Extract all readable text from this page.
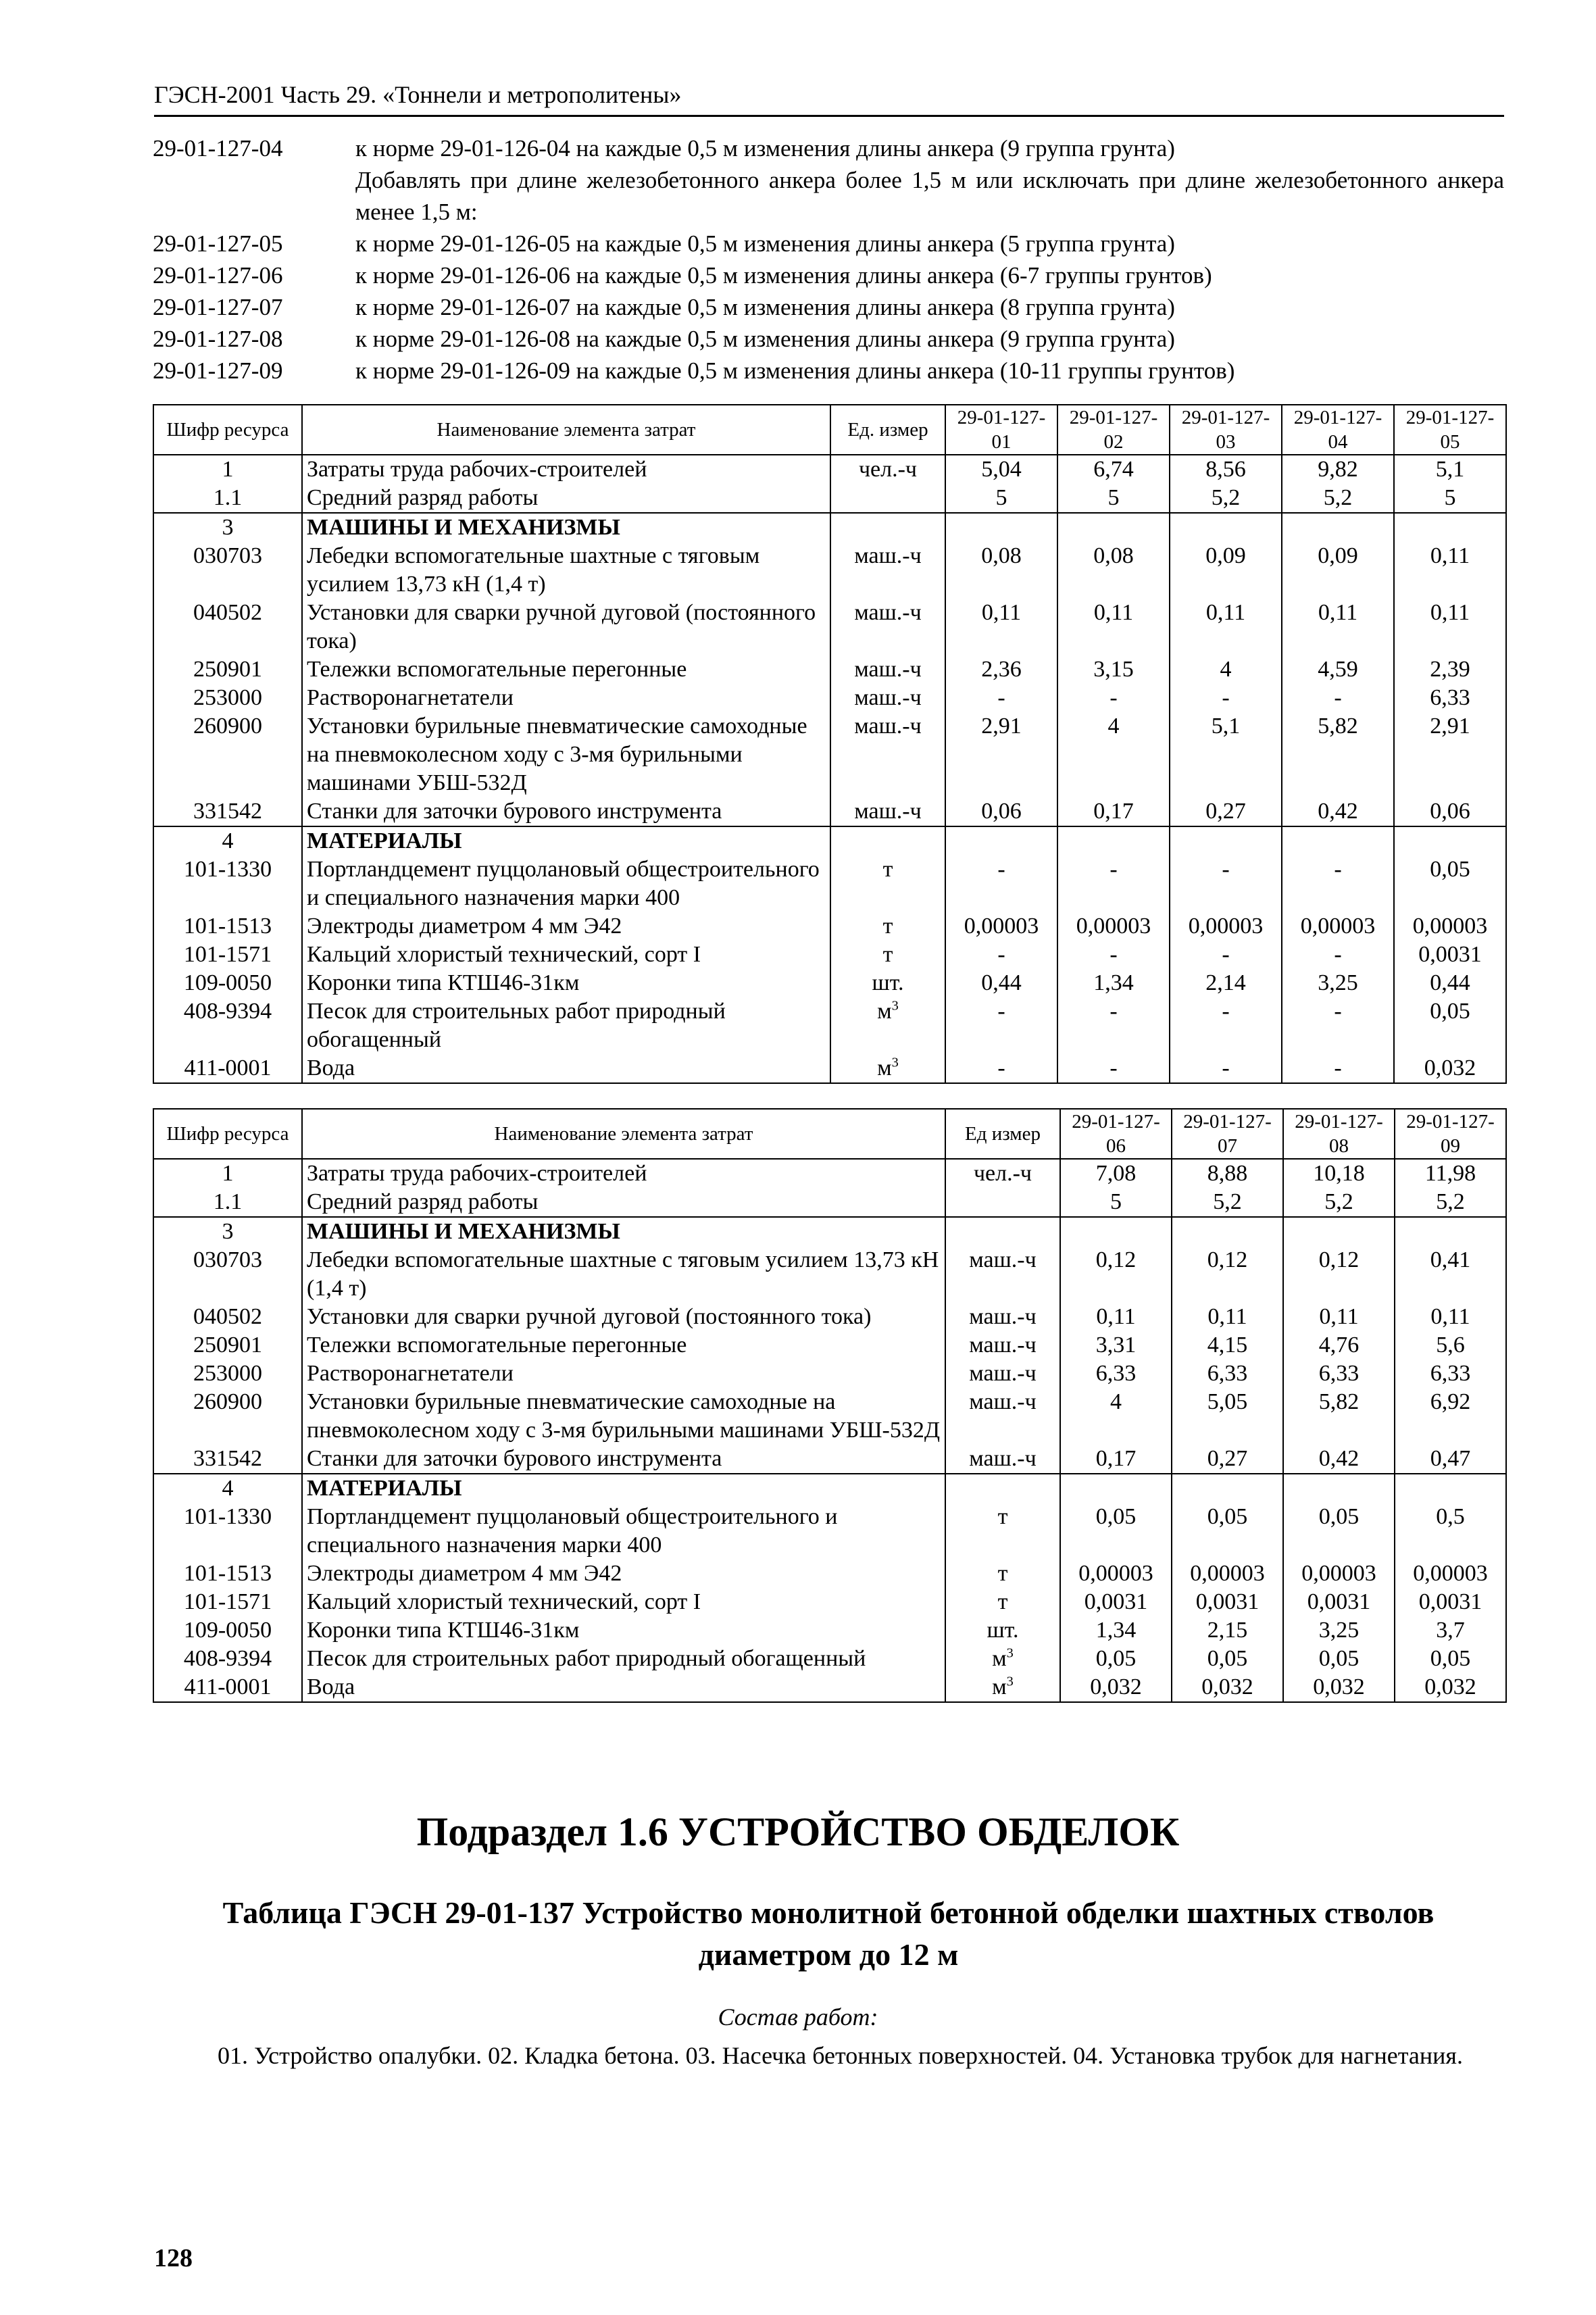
ГЭСН-2001 Часть 29. «Тоннели и метрополитены»
29-01-127-04	к норме 29-01-126-04 на каждые 0,5 м изменения длины анкера (9 группа грунта)
Добавлять при длине железобетонного анкера более 1,5 м или исключать при длине железобетонного анкера менее 1,5 м:
29-01-127-05	к норме 29-01-126-05 на каждые 0,5 м изменения длины анкера (5 группа грунта)
29-01-127-06	к норме 29-01-126-06 на каждые 0,5 м изменения длины анкера (6-7 группы грунтов)
29-01-127-07	к норме 29-01-126-07 на каждые 0,5 м изменения длины анкера (8 группа грунта)
29-01-127-08	к норме 29-01-126-08 на каждые 0,5 м изменения длины анкера (9 группа грунта)
29-01-127-09	к норме 29-01-126-09 на каждые 0,5 м изменения длины анкера (10-11 группы грунтов)
Шифр ресурса	Наименование элемента затрат	Ед. измер	29-01-127-01	29-01-127-02	29-01-127-03	29-01-127-04	29-01-127-05
1	Затраты труда рабочих-строителей	чел.-ч	5,04	6,74	8,56	9,82	5,1
1.1	Средний разряд работы		5	5	5,2	5,2	5
3	МАШИНЫ И МЕХАНИЗМЫ						
030703	Лебедки вспомогательные шахтные с тяговым усилием 13,73 кН (1,4 т)	маш.-ч	0,08	0,08	0,09	0,09	0,11
040502	Установки для сварки ручной дуговой (постоянного тока)	маш.-ч	0,11	0,11	0,11	0,11	0,11
250901	Тележки вспомогательные перегонные	маш.-ч	2,36	3,15	4	4,59	2,39
253000	Растворонагнетатели	маш.-ч	-	-	-	-	6,33
260900	Установки бурильные пневматические самоходные на пневмоколесном ходу с 3-мя бурильными машинами УБШ-532Д	маш.-ч	2,91	4	5,1	5,82	2,91
331542	Станки для заточки бурового инструмента	маш.-ч	0,06	0,17	0,27	0,42	0,06
4	МАТЕРИАЛЫ						
101-1330	Портландцемент пуццолановый общестроительного и специального назначения марки 400	т	-	-	-	-	0,05
101-1513	Электроды диаметром 4 мм Э42	т	0,00003	0,00003	0,00003	0,00003	0,00003
101-1571	Кальций хлористый технический, сорт I	т	-	-	-	-	0,0031
109-0050	Коронки типа КТШ46-31км	шт.	0,44	1,34	2,14	3,25	0,44
408-9394	Песок для строительных работ природный обогащенный	$м^3$	-	-	-	-	0,05
411-0001	Вода	$м^3$	-	-	-	-	0,032
Шифр ресурса	Наименование элемента затрат	Ед измер	29-01-127-06	29-01-127-07	29-01-127-08	29-01-127-09
1	Затраты труда рабочих-строителей	чел.-ч	7,08	8,88	10,18	11,98
1.1	Средний разряд работы		5	5,2	5,2	5,2
3	МАШИНЫ И МЕХАНИЗМЫ					
030703	Лебедки вспомогательные шахтные с тяговым усилием 13,73 кН (1,4 т)	маш.-ч	0,12	0,12	0,12	0,41
040502	Установки для сварки ручной дуговой (постоянного тока)	маш.-ч	0,11	0,11	0,11	0,11
250901	Тележки вспомогательные перегонные	маш.-ч	3,31	4,15	4,76	5,6
253000	Растворонагнетатели	маш.-ч	6,33	6,33	6,33	6,33
260900	Установки бурильные пневматические самоходные на пневмоколесном ходу с 3-мя бурильными машинами УБШ-532Д	маш.-ч	4	5,05	5,82	6,92
331542	Станки для заточки бурового инструмента	маш.-ч	0,17	0,27	0,42	0,47
4	МАТЕРИАЛЫ					
101-1330	Портландцемент пуццолановый общестроительного и специального назначения марки 400	т	0,05	0,05	0,05	0,5
101-1513	Электроды диаметром 4 мм Э42	т	0,00003	0,00003	0,00003	0,00003
101-1571	Кальций хлористый технический, сорт I	т	0,0031	0,0031	0,0031	0,0031
109-0050	Коронки типа КТШ46-31км	шт.	1,34	2,15	3,25	3,7
408-9394	Песок для строительных работ природный обогащенный	$м^3$	0,05	0,05	0,05	0,05
411-0001	Вода	$м^3$	0,032	0,032	0,032	0,032
Подраздел 1.6 УСТРОЙСТВО ОБДЕЛОК
Таблица ГЭСН 29-01-137 Устройство монолитной бетонной обделки шахтных стволов
диаметром до 12 м
Состав работ:
01. Устройство опалубки. 02. Кладка бетона. 03. Насечка бетонных поверхностей. 04. Установка трубок для нагнетания.
128
